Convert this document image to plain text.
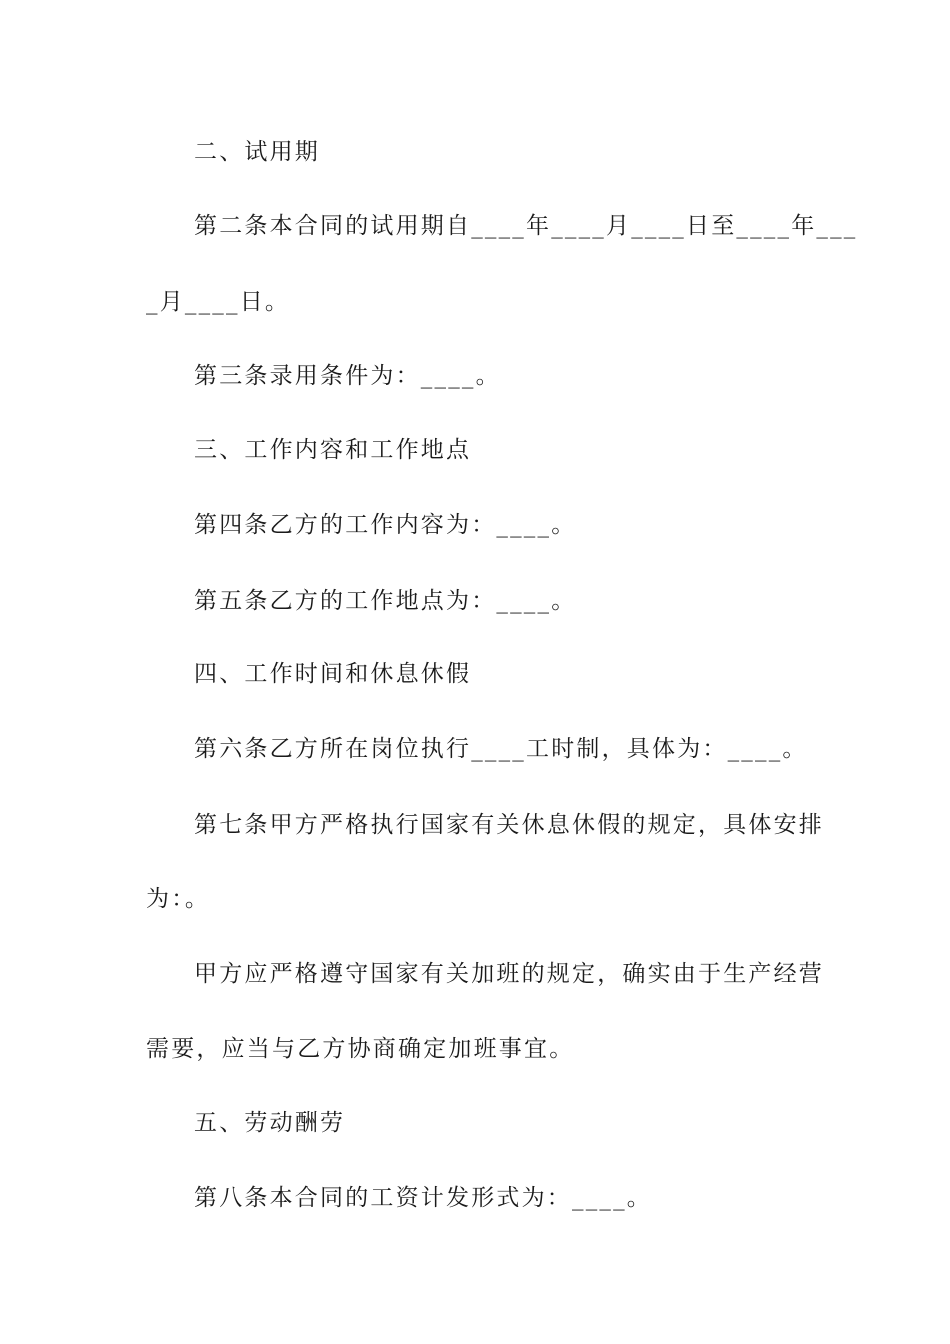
二、试用期
第二条本合同的试用期自____年____月____日至____年___
_月____日。
第三条录用条件为：____。
三、工作内容和工作地点
第四条乙方的工作内容为：____。
第五条乙方的工作地点为：____。
四、工作时间和休息休假
第六条乙方所在岗位执行____工时制，具体为：____。
第七条甲方严格执行国家有关休息休假的规定，具体安排
为：。
甲方应严格遵守国家有关加班的规定，确实由于生产经营
需要，应当与乙方协商确定加班事宜。
五、劳动酬劳
第八条本合同的工资计发形式为：____。
